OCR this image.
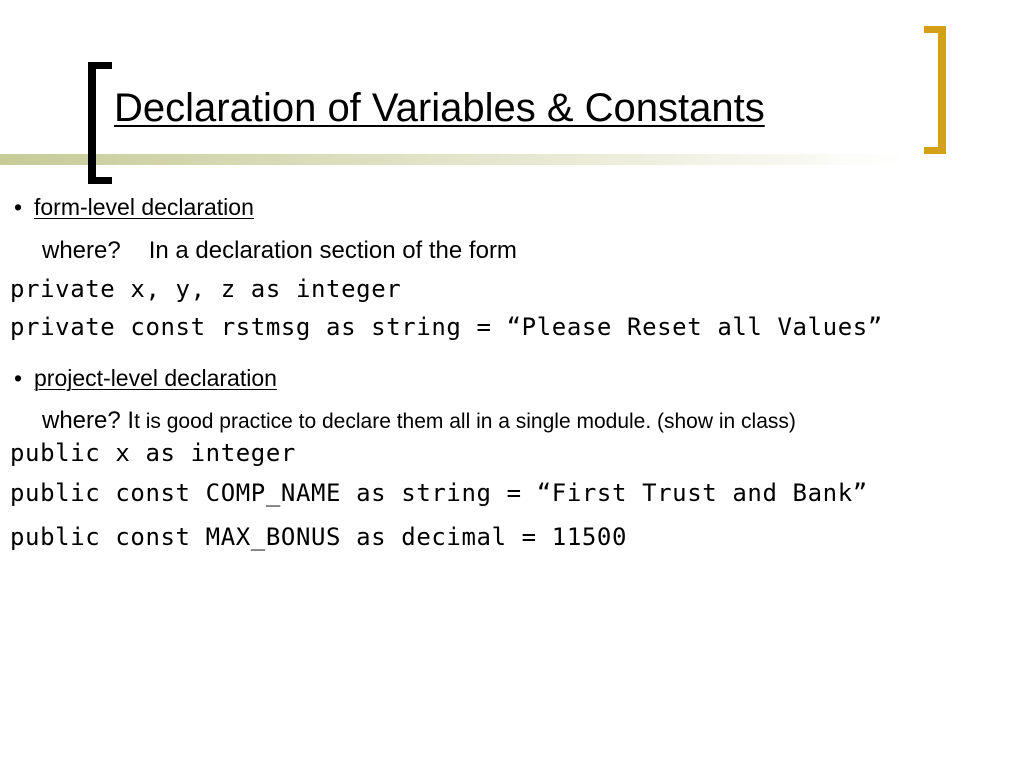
Declaration of Variables & Constants
• form-level declaration
where? In a declaration section of the form
private x, y, z as integer
private const rstmsg as string = “Please Reset all Values”
• project-level declaration
where? It is good practice to declare them all in a single module. (show in class)
public x as integer
public const COMP_NAME as string = “First Trust and Bank”
public const MAX_BONUS as decimal = 11500
